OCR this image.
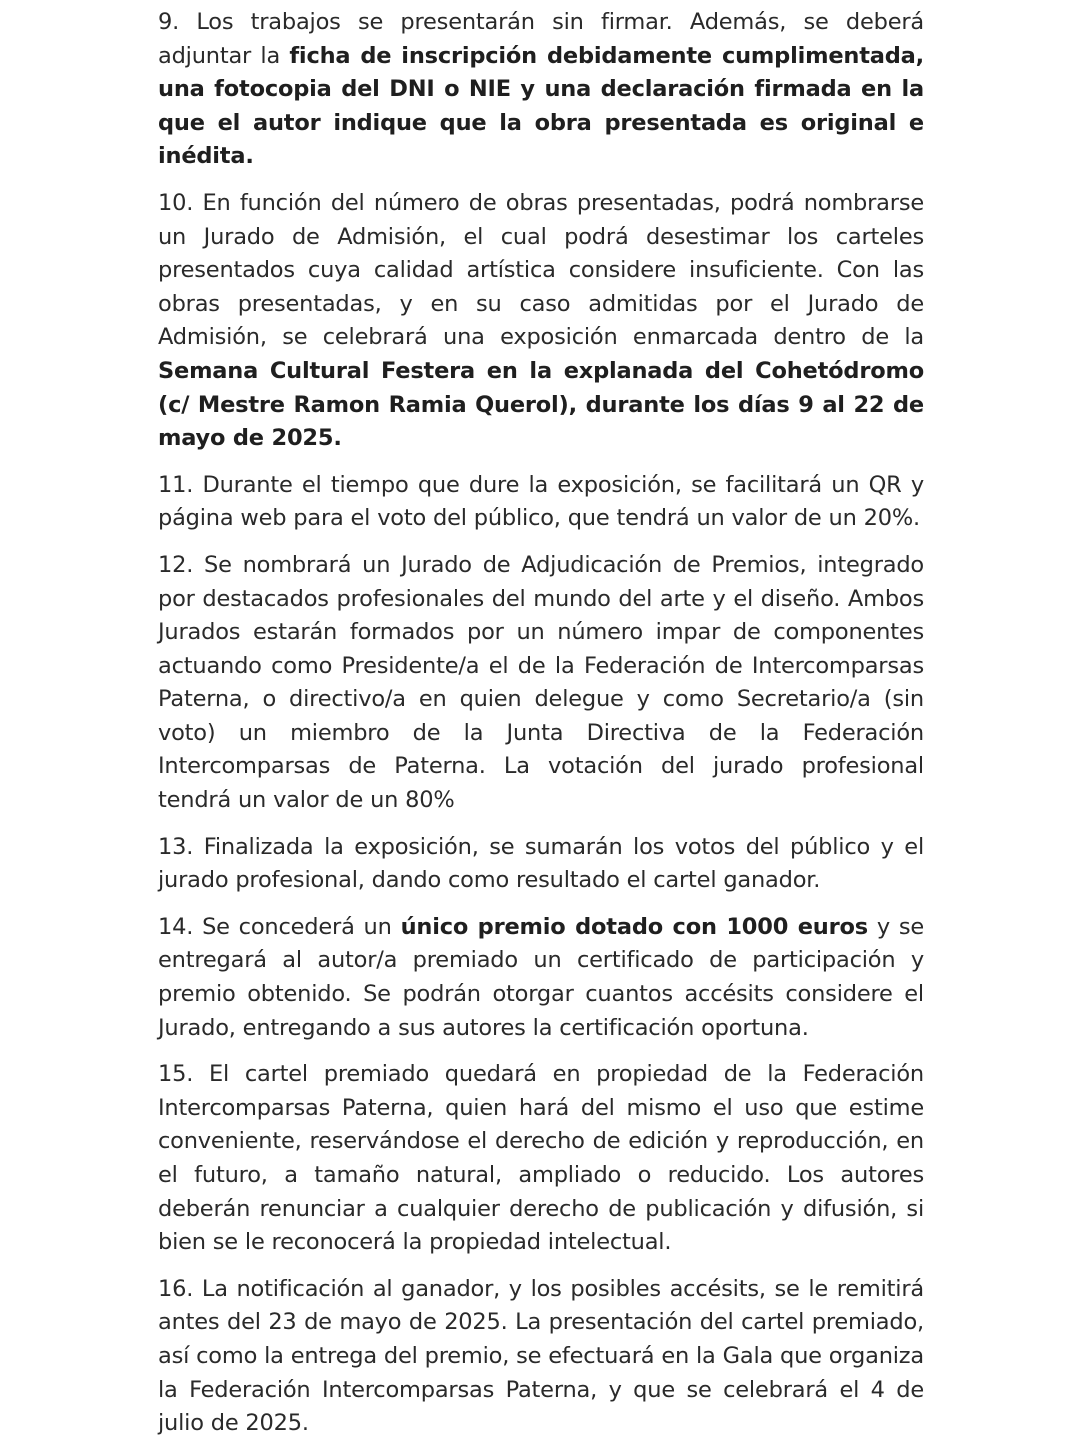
9. Los trabajos se presentarán sin firmar. Además, se deberá adjuntar la ficha de inscripción debidamente cumplimentada, una fotocopia del DNI o NIE y una declaración firmada en la que el autor indique que la obra presentada es original e inédita.

10. En función del número de obras presentadas, podrá nombrarse un Jurado de Admisión, el cual podrá desestimar los carteles presentados cuya calidad artística considere insuficiente. Con las obras presentadas, y en su caso admitidas por el Jurado de Admisión, se celebrará una exposición enmarcada dentro de la Semana Cultural Festera en la explanada del Cohetódromo (c/ Mestre Ramon Ramia Querol), durante los días 9 al 22 de mayo de 2025.

11. Durante el tiempo que dure la exposición, se facilitará un QR y página web para el voto del público, que tendrá un valor de un 20%.

12. Se nombrará un Jurado de Adjudicación de Premios, integrado por destacados profesionales del mundo del arte y el diseño. Ambos Jurados estarán formados por un número impar de componentes actuando como Presidente/a el de la Federación de Intercomparsas Paterna, o directivo/a en quien delegue y como Secretario/a (sin voto) un miembro de la Junta Directiva de la Federación Intercomparsas de Paterna. La votación del jurado profesional tendrá un valor de un 80%

13. Finalizada la exposición, se sumarán los votos del público y el jurado profesional, dando como resultado el cartel ganador.

14. Se concederá un único premio dotado con 1000 euros y se entregará al autor/a premiado un certificado de participación y premio obtenido. Se podrán otorgar cuantos accésits considere el Jurado, entregando a sus autores la certificación oportuna.

15. El cartel premiado quedará en propiedad de la Federación Intercomparsas Paterna, quien hará del mismo el uso que estime conveniente, reservándose el derecho de edición y reproducción, en el futuro, a tamaño natural, ampliado o reducido. Los autores deberán renunciar a cualquier derecho de publicación y difusión, si bien se le reconocerá la propiedad intelectual.

16. La notificación al ganador, y los posibles accésits, se le remitirá antes del 23 de mayo de 2025. La presentación del cartel premiado, así como la entrega del premio, se efectuará en la Gala que organiza la Federación Intercomparsas Paterna, y que se celebrará el 4 de julio de 2025.
